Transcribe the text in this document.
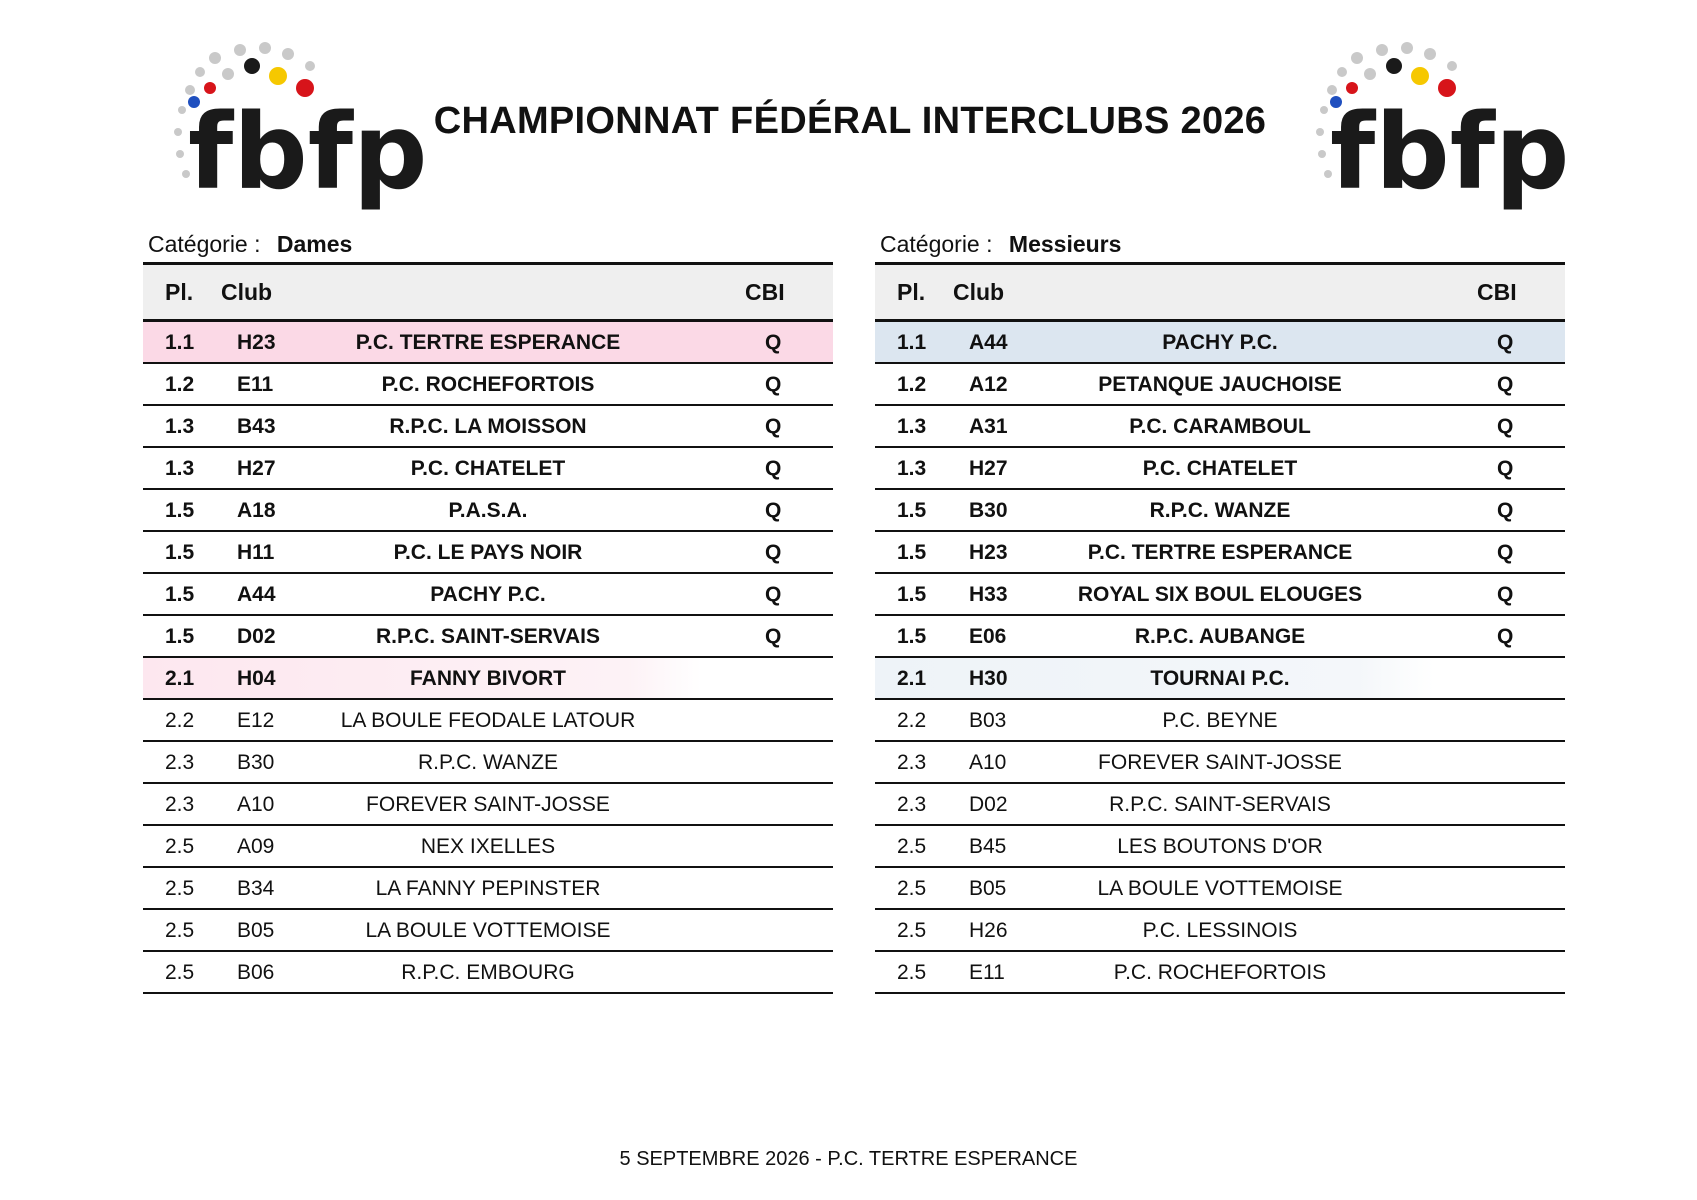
fbfp	fbfp
CHAMPIONNAT FÉDÉRAL INTERCLUBS 2026
Catégorie : Dames
Pl. Club	CBI
1.1 H23	P.C. TERTRE ESPERANCE	Q
1.2 E11	P.C. ROCHEFORTOIS	Q
1.3 B43	R.P.C. LA MOISSON	Q
1.3 H27	P.C. CHATELET	Q
1.5 A18	P.A.S.A.	Q
1.5 H11	P.C. LE PAYS NOIR	Q
1.5 A44	PACHY P.C.	Q
1.5 D02	R.P.C. SAINT-SERVAIS	Q
2.1 H04	FANNY BIVORT
2.2 E12	LA BOULE FEODALE LATOUR
2.3 B30	R.P.C. WANZE
2.3 A10	FOREVER SAINT-JOSSE
2.5 A09	NEX IXELLES
2.5 B34	LA FANNY PEPINSTER
2.5 B05	LA BOULE VOTTEMOISE
2.5 B06	R.P.C. EMBOURG
Catégorie : Messieurs
Pl. Club	CBI
1.1 A44	PACHY P.C.	Q
1.2 A12	PETANQUE JAUCHOISE	Q
1.3 A31	P.C. CARAMBOUL	Q
1.3 H27	P.C. CHATELET	Q
1.5 B30	R.P.C. WANZE	Q
1.5 H23	P.C. TERTRE ESPERANCE	Q
1.5 H33	ROYAL SIX BOUL ELOUGES	Q
1.5 E06	R.P.C. AUBANGE	Q
2.1 H30	TOURNAI P.C.
2.2 B03	P.C. BEYNE
2.3 A10	FOREVER SAINT-JOSSE
2.3 D02	R.P.C. SAINT-SERVAIS
2.5 B45	LES BOUTONS D'OR
2.5 B05	LA BOULE VOTTEMOISE
2.5 H26	P.C. LESSINOIS
2.5 E11	P.C. ROCHEFORTOIS
5 SEPTEMBRE 2026 - P.C. TERTRE ESPERANCE
